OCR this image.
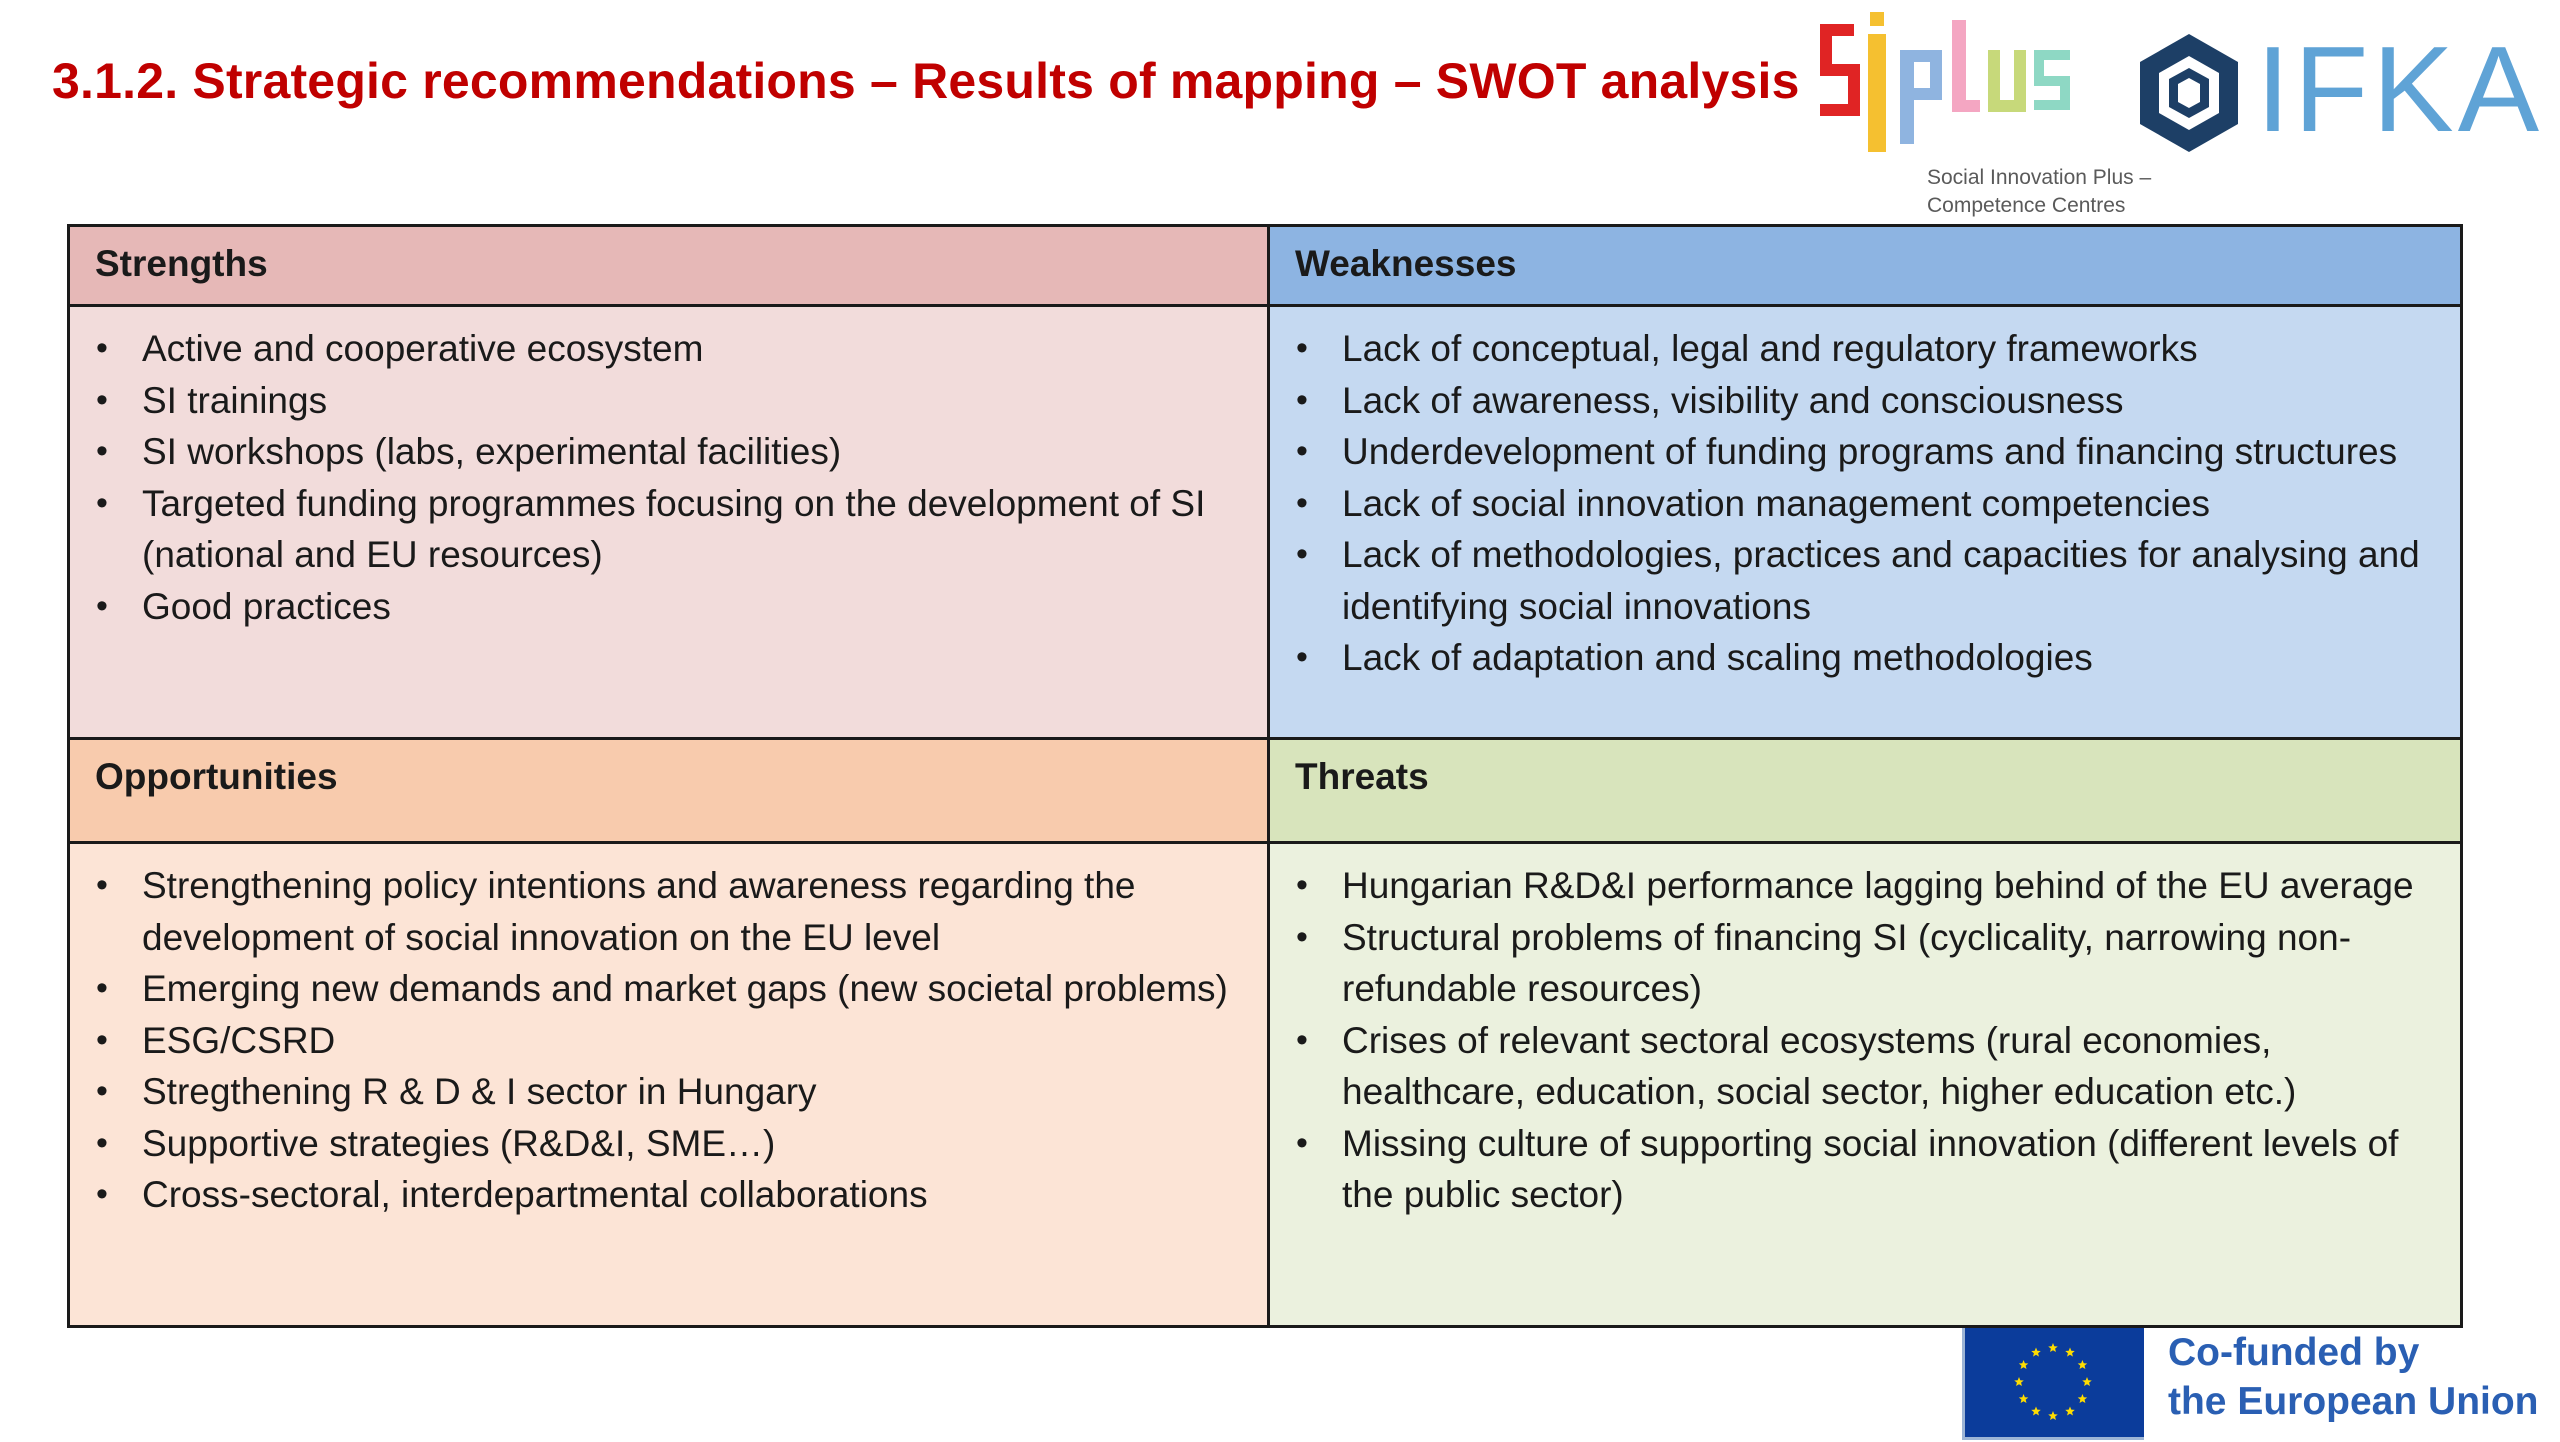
3.1.2. Strategic recommendations – Results of mapping – SWOT analysis
Social Innovation Plus –
Competence Centres
IFKA
Strengths
• Active and cooperative ecosystem
• SI trainings
• SI workshops (labs, experimental facilities)
• Targeted funding programmes focusing on the development of SI (national and EU resources)
• Good practices
Weaknesses
• Lack of conceptual, legal and regulatory frameworks
• Lack of awareness, visibility and consciousness
• Underdevelopment of funding programs and financing structures
• Lack of social innovation management competencies
• Lack of methodologies, practices and capacities for analysing and identifying social innovations
• Lack of adaptation and scaling methodologies
Opportunities
• Strengthening policy intentions and awareness regarding the development of social innovation on the EU level
• Emerging new demands and market gaps (new societal problems)
• ESG/CSRD
• Stregthening R & D & I sector in Hungary
• Supportive strategies (R&D&I, SME…)
• Cross-sectoral, interdepartmental collaborations
Threats
• Hungarian R&D&I performance lagging behind of the EU average
• Structural problems of financing SI (cyclicality, narrowing non-refundable resources)
• Crises of relevant sectoral ecosystems (rural economies, healthcare, education, social sector, higher education etc.)
• Missing culture of supporting social innovation (different levels of the public sector)
Co-funded by
the European Union
